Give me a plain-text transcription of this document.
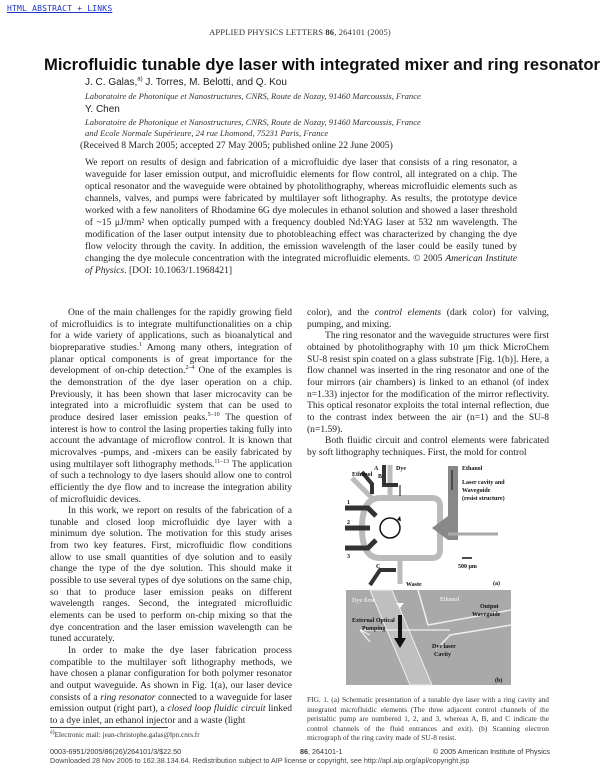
HTML ABSTRACT + LINKS
APPLIED PHYSICS LETTERS 86, 264101 (2005)
Microfluidic tunable dye laser with integrated mixer and ring resonator
J. C. Galas,$^{a)}$ J. Torres, M. Belotti, and Q. Kou
Laboratoire de Photonique et Nanostructures, CNRS, Route de Nozay, 91460 Marcoussis, France
Y. Chen
Laboratoire de Photonique et Nanostructures, CNRS, Route de Nozay, 91460 Marcoussis, France
and Ecole Normale Supérieure, 24 rue Lhomond, 75231 Paris, France
(Received 8 March 2005; accepted 27 May 2005; published online 22 June 2005)
We report on results of design and fabrication of a microfluidic dye laser that consists of a ring resonator, a waveguide for laser emission output, and microfluidic elements for flow control, all integrated on a chip. The optical resonator and the waveguide were obtained by photolithography, whereas microfluidic elements such as channels, valves, and pumps were fabricated by multilayer soft lithography. As results, the prototype device worked with a few nanoliters of Rhodamine 6G dye molecules in ethanol solution and showed a laser threshold of ~15 μJ/mm² when optically pumped with a frequency doubled Nd:YAG laser at 532 nm wavelength. The modification of the laser output intensity due to photobleaching effect was characterized by changing the dye flow velocity through the cavity. In addition, the emission wavelength of the laser could be easily tuned by changing the dye molecule concentration with the integrated microfluidic elements. © 2005 American Institute of Physics. [DOI: 10.1063/1.1968421]

One of the main challenges for the rapidly growing field of microfluidics is to integrate multifunctionalities on a chip for a wide variety of applications, such as bioanalytical and biopreparative studies.$^1$ Among many others, integration of planar optical components is of great importance for the development of on-chip detection.$^{2-4}$ One of the examples is the demonstration of the dye laser operation on a chip. Previously, it has been shown that laser microcavity can be integrated into a microfluidic system that can be used to produce desired laser emission peaks.$^{5-10}$ The question of interest is how to control the lasing properties taking fully into account the advantage of microflow control. It is known that microvalves -pumps, and -mixers can be easily fabricated by using multilayer soft lithography methods.$^{11-13}$ The application of such a technology to dye lasers should allow one to control efficiently the dye flow and to increase the integration ability of microfluidic devices.

In this work, we report on results of the fabrication of a tunable and closed loop microfluidic dye layer with a minimum dye solution. The motivation for this study arises from two key features. First, microfluidic flow conditions allow to use small quantities of dye solution and to easily change the type of the dye solution. This should make it possible to use several types of dye solutions on the same chip, so that to produce laser emission peaks on different wavelength ranges. Second, the integrated microfluidic elements can be used to perform on-chip mixing so that the dye concentration and the laser emission wavelength can be tuned accurately.

In order to make the dye laser fabrication process compatible to the multilayer soft lithography methods, we have chosen a planar configuration for both polymer resonator and output waveguide. As shown in Fig. 1(a), our laser device consists of a ring resonator connected to a waveguide for laser emission output (right part), a closed loop fluidic circuit linked to a dye inlet, an ethanol injector and a waste (light

color), and the control elements (dark color) for valving, pumping, and mixing.

The ring resonator and the waveguide structures were first obtained by photolithography with 10 μm thick MicroChem SU-8 resist spin coated on a glass substrate [Fig. 1(b)]. Here, a flow channel was inserted in the ring resonator and one of the four mirrors (air chambers) is linked to an ethanol (of index n=1.33) injector for the modification of the mirror reflectivity. This optical resonator exploits the total internal reflection, due to the contrast index between the air (n=1) and the SU-8 (n=1.59).

Both fluidic circuit and control elements were fabricated by soft lithography techniques. First, the mold for control

Ethanol
A
B
Dye	Ethanol
Laser cavity and
Waveguide
(resist structure)
1
2
3
C
Waste
500 μm
(a)
Dye flow	Ethanol
Output
Waveguide
External Optical
Pumping
Dye laser
Cavity
(b)
FIG. 1. (a) Schematic presentation of a tunable dye laser with a ring cavity and integrated microfluidic elements (The three adjacent control channels of the peristaltic pump are numbered 1, 2, and 3, whereas A, B, and C indicate the control channels of the fluid entrances and exit). (b) Scanning electron micrograph of the ring cavity made of SU-8 resist.
$^{a)}$Electronic mail: jean-christophe.galas@lpn.cnrs.fr
0003-6951/2005/86(26)/264101/3/$22.50	86, 264101-1	© 2005 American Institute of Physics
Downloaded 28 Nov 2005 to 162.38.134.64. Redistribution subject to AIP license or copyright, see http://apl.aip.org/apl/copyright.jsp
